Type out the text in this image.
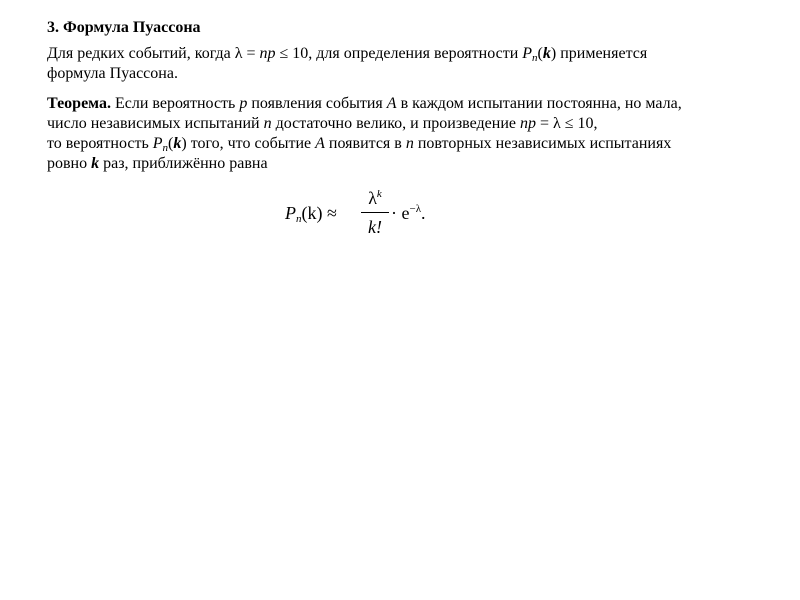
3. Формула Пуассона
Для редких событий, когда λ = np ≤ 10, для определения вероятности $P_n(k)$ применяется
формула Пуассона.
Теорема. Если вероятность p появления события A в каждом испытании постоянна, но мала,
число независимых испытаний n достаточно велико, и произведение np = λ ≤ 10,
то вероятность $P_n(k)$ того, что событие A появится в n повторных независимых испытаниях
ровно k раз, приближённо равна
$P_n(k)$ ≈
$\lambda^k$
k!
· $e^{-\lambda}$.
